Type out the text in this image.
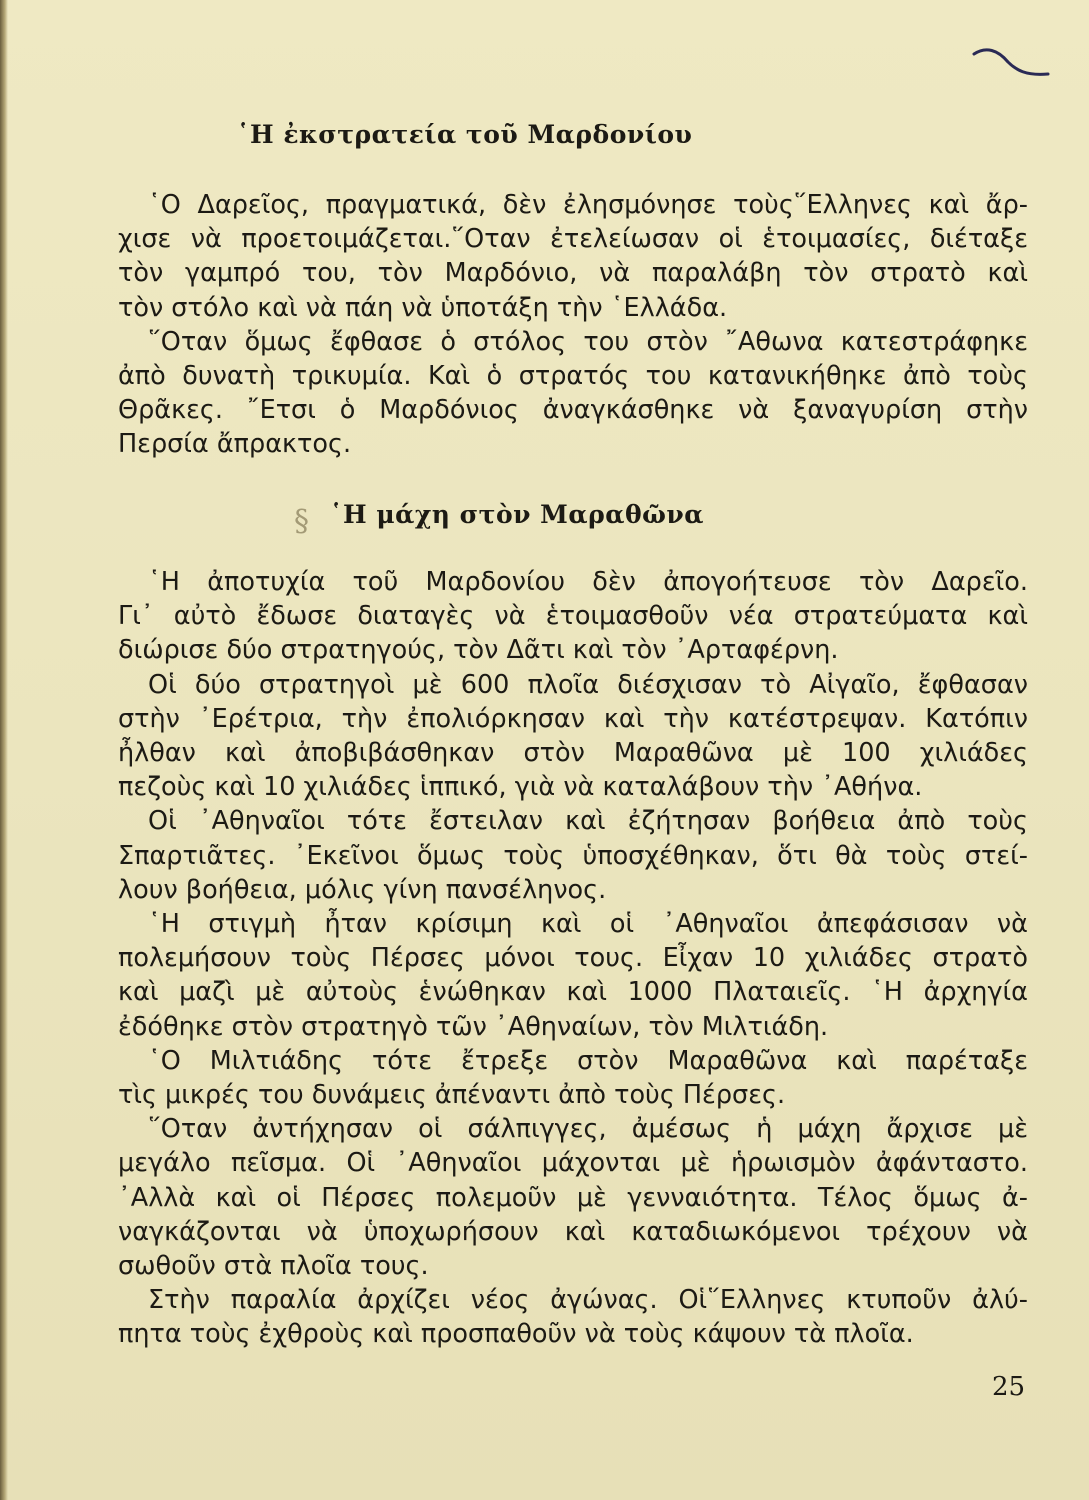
῾Η ἐκστρατεία τοῦ Μαρδονίου
῾Ο Δαρεῖος, πραγματικά, δὲν ἐλησμόνησε τοὺς῞Ελληνες καὶ ἄρ-
χισε νὰ προετοιμάζεται.῞Οταν ἐτελείωσαν οἱ ἑτοιμασίες, διέταξε
τὸν γαμπρό του, τὸν Μαρδόνιο, νὰ παραλάβη τὸν στρατὸ καὶ
τὸν στόλο καὶ νὰ πάη νὰ ὑποτάξη τὴν ῾Ελλάδα.
῞Οταν ὅμως ἔφθασε ὁ στόλος του στὸν ῎Αθωνα κατεστράφηκε
ἀπὸ δυνατὴ τρικυμία. Καὶ ὁ στρατός του κατανικήθηκε ἀπὸ τοὺς
Θρᾶκες. ῎Ετσι ὁ Μαρδόνιος ἀναγκάσθηκε νὰ ξαναγυρίση στὴν
Περσία ἄπρακτος.
§ ῾Η μάχη στὸν Μαραθῶνα
῾Η ἀποτυχία τοῦ Μαρδονίου δὲν ἀπογοήτευσε τὸν Δαρεῖο.
Γι᾽ αὐτὸ ἔδωσε διαταγὲς νὰ ἑτοιμασθοῦν νέα στρατεύματα καὶ
διώρισε δύο στρατηγούς, τὸν Δᾶτι καὶ τὸν ᾽Αρταφέρνη.
Οἱ δύο στρατηγοὶ μὲ 600 πλοῖα διέσχισαν τὸ Αἰγαῖο, ἔφθασαν
στὴν ᾽Ερέτρια, τὴν ἐπολιόρκησαν καὶ τὴν κατέστρεψαν. Κατόπιν
ἦλθαν καὶ ἀποβιβάσθηκαν στὸν Μαραθῶνα μὲ 100 χιλιάδες
πεζοὺς καὶ 10 χιλιάδες ἱππικό, γιὰ νὰ καταλάβουν τὴν ᾽Αθήνα.
Οἱ ᾽Αθηναῖοι τότε ἔστειλαν καὶ ἐζήτησαν βοήθεια ἀπὸ τοὺς
Σπαρτιᾶτες. ᾽Εκεῖνοι ὅμως τοὺς ὑποσχέθηκαν, ὅτι θὰ τοὺς στεί-
λουν βοήθεια, μόλις γίνη πανσέληνος.
῾Η στιγμὴ ἦταν κρίσιμη καὶ οἱ ᾽Αθηναῖοι ἀπεφάσισαν νὰ
πολεμήσουν τοὺς Πέρσες μόνοι τους. Εἶχαν 10 χιλιάδες στρατὸ
καὶ μαζὶ μὲ αὐτοὺς ἑνώθηκαν καὶ 1000 Πλαταιεῖς. ῾Η ἀρχηγία
ἐδόθηκε στὸν στρατηγὸ τῶν ᾽Αθηναίων, τὸν Μιλτιάδη.
῾Ο Μιλτιάδης τότε ἔτρεξε στὸν Μαραθῶνα καὶ παρέταξε
τὶς μικρές του δυνάμεις ἀπέναντι ἀπὸ τοὺς Πέρσες.
῞Οταν ἀντήχησαν οἱ σάλπιγγες, ἀμέσως ἡ μάχη ἄρχισε μὲ
μεγάλο πεῖσμα. Οἱ ᾽Αθηναῖοι μάχονται μὲ ἡρωισμὸν ἀφάνταστο.
᾽Αλλὰ καὶ οἱ Πέρσες πολεμοῦν μὲ γενναιότητα. Τέλος ὅμως ἀ-
ναγκάζονται νὰ ὑποχωρήσουν καὶ καταδιωκόμενοι τρέχουν νὰ
σωθοῦν στὰ πλοῖα τους.
Στὴν παραλία ἀρχίζει νέος ἀγώνας. Οἱ῞Ελληνες κτυποῦν ἀλύ-
πητα τοὺς ἐχθροὺς καὶ προσπαθοῦν νὰ τοὺς κάψουν τὰ πλοῖα.
25
